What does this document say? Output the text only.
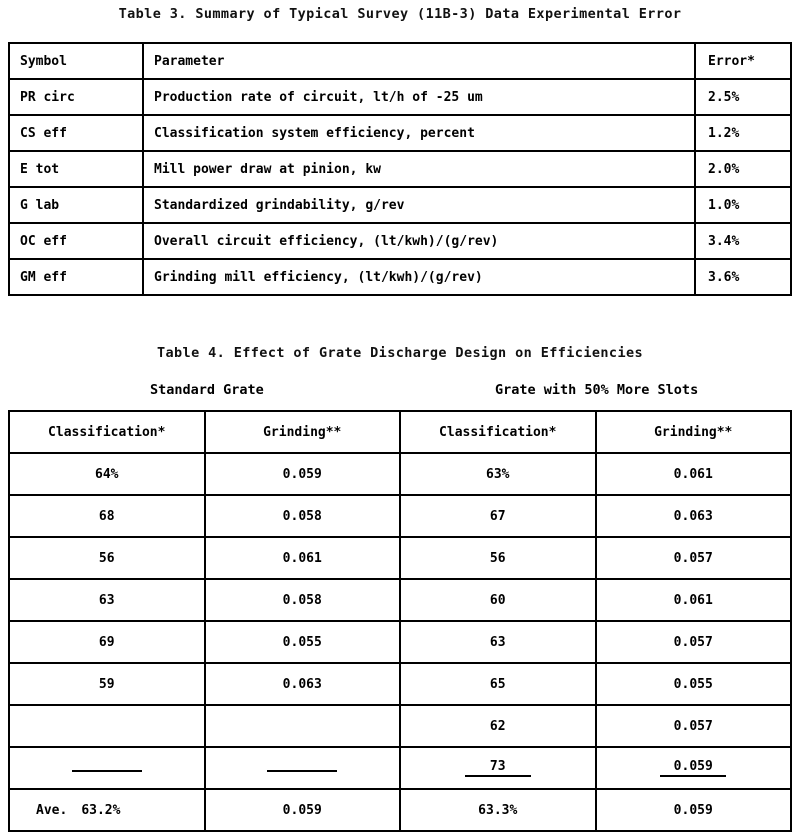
Table 3. Summary of Typical Survey (11B-3) Data Experimental Error
Symbol	Parameter	Error*
PR circ	Production rate of circuit, lt/h of -25 um	2.5%
CS eff	Classification system efficiency, percent	1.2%
E tot	Mill power draw at pinion, kw	2.0%
G lab	Standardized grindability, g/rev	1.0%
OC eff	Overall circuit efficiency, (lt/kwh)/(g/rev)	3.4%
GM eff	Grinding mill efficiency, (lt/kwh)/(g/rev)	3.6%
Table 4. Effect of Grate Discharge Design on Efficiencies
Standard Grate	Grate with 50% More Slots
Classification*	Grinding**	Classification*	Grinding**
64%	0.059	63%	0.061
68	0.058	67	0.063
56	0.061	56	0.057
63	0.058	60	0.061
69	0.055	63	0.057
59	0.063	65	0.055
		62	0.057
		73	0.059
Ave. 63.2%	0.059	63.3%	0.059
